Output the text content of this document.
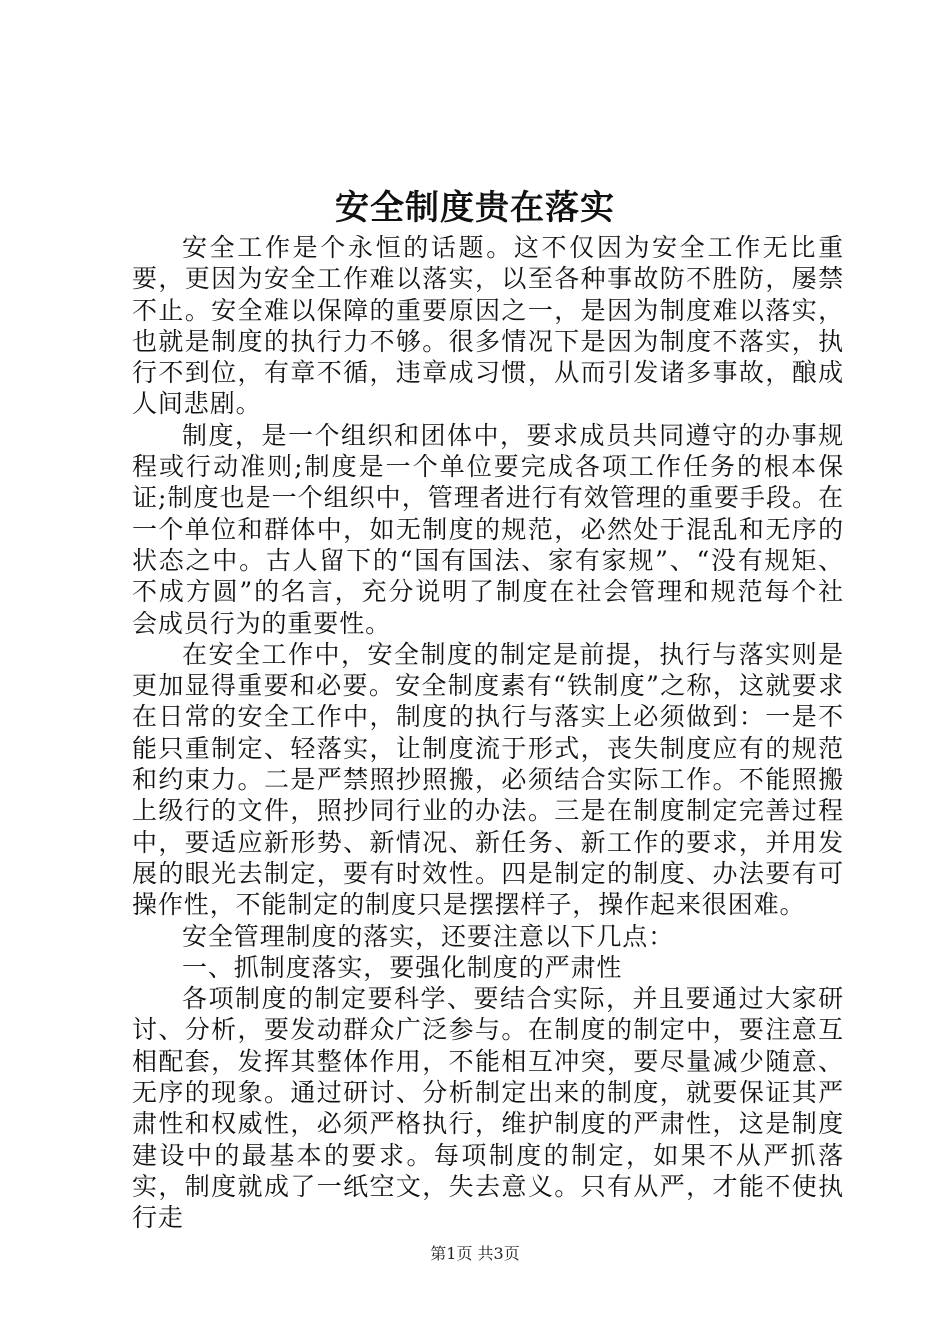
安全制度贵在落实

安全工作是个永恒的话题。这不仅因为安全工作无比重要，更因为安全工作难以落实，以至各种事故防不胜防，屡禁不止。安全难以保障的重要原因之一，是因为制度难以落实，也就是制度的执行力不够。很多情况下是因为制度不落实，执行不到位，有章不循，违章成习惯，从而引发诸多事故，酿成人间悲剧。

制度，是一个组织和团体中，要求成员共同遵守的办事规程或行动准则;制度是一个单位要完成各项工作任务的根本保证;制度也是一个组织中，管理者进行有效管理的重要手段。在一个单位和群体中，如无制度的规范，必然处于混乱和无序的状态之中。古人留下的“国有国法、家有家规”、“没有规矩、不成方圆”的名言，充分说明了制度在社会管理和规范每个社会成员行为的重要性。

在安全工作中，安全制度的制定是前提，执行与落实则是更加显得重要和必要。安全制度素有“铁制度”之称，这就要求在日常的安全工作中，制度的执行与落实上必须做到：一是不能只重制定、轻落实，让制度流于形式，丧失制度应有的规范和约束力。二是严禁照抄照搬，必须结合实际工作。不能照搬上级行的文件，照抄同行业的办法。三是在制度制定完善过程中，要适应新形势、新情况、新任务、新工作的要求，并用发展的眼光去制定，要有时效性。四是制定的制度、办法要有可操作性，不能制定的制度只是摆摆样子，操作起来很困难。

安全管理制度的落实，还要注意以下几点：

一、抓制度落实，要强化制度的严肃性

各项制度的制定要科学、要结合实际，并且要通过大家研讨、分析，要发动群众广泛参与。在制度的制定中，要注意互相配套，发挥其整体作用，不能相互冲突，要尽量减少随意、无序的现象。通过研讨、分析制定出来的制度，就要保证其严肃性和权威性，必须严格执行，维护制度的严肃性，这是制度建设中的最基本的要求。每项制度的制定，如果不从严抓落实，制度就成了一纸空文，失去意义。只有从严，才能不使执行走

第1页 共3页
